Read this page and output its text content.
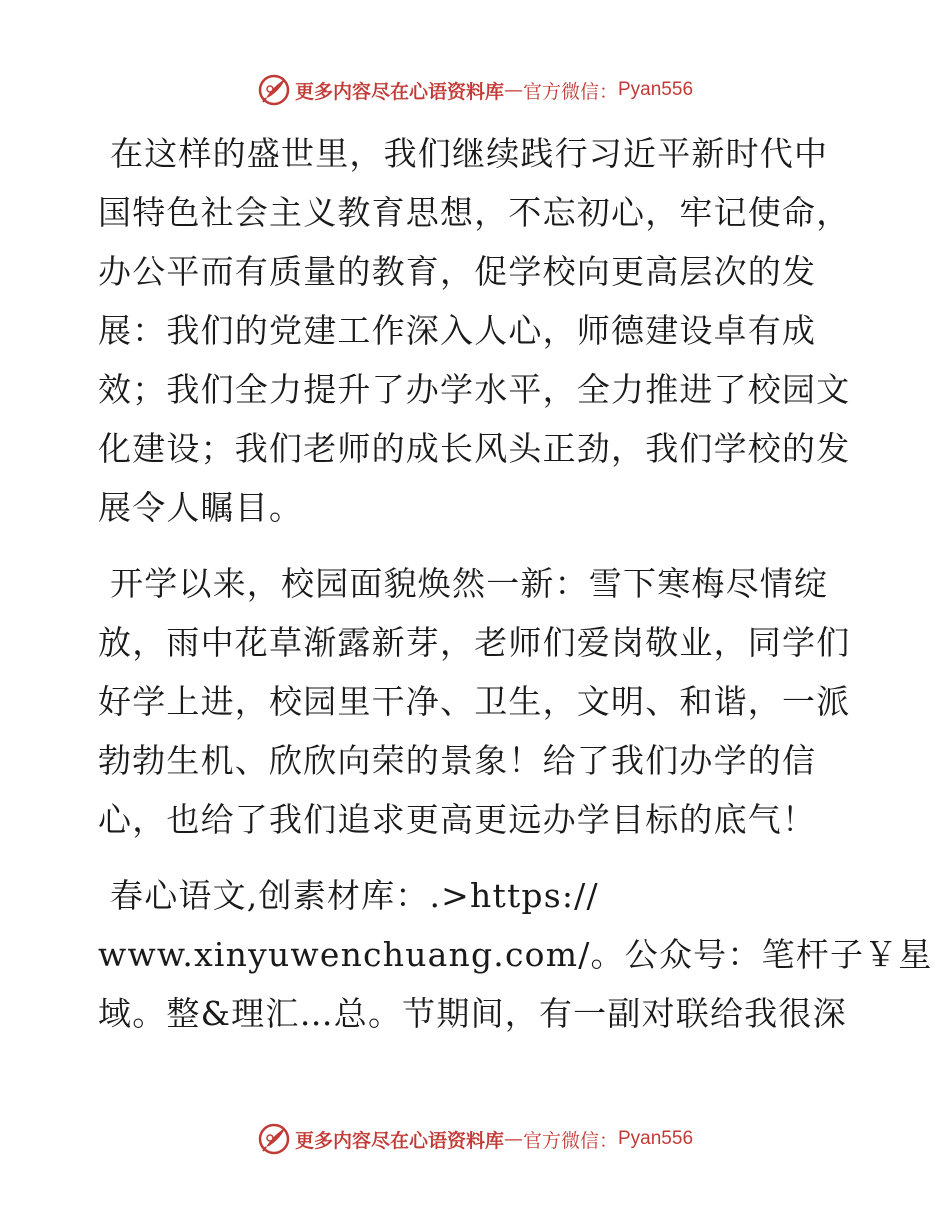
更多内容尽在心语资料库 — 官方微信： Pyan556

在这样的盛世里，我们继续践行习近平新时代中
国特色社会主义教育思想，不忘初心，牢记使命，
办公平而有质量的教育，促学校向更高层次的发
展：我们的党建工作深入人心，师德建设卓有成
效；我们全力提升了办学水平，全力推进了校园文
化建设；我们老师的成长风头正劲，我们学校的发
展令人瞩目。

开学以来，校园面貌焕然一新：雪下寒梅尽情绽
放，雨中花草渐露新芽，老师们爱岗敬业，同学们
好学上进，校园里干净、卫生，文明、和谐，一派
勃勃生机、欣欣向荣的景象！给了我们办学的信
心，也给了我们追求更高更远办学目标的底气！

春心语文,创素材库：.>https://
www.xinyuwenchuang.com/。公众号：笔杆子￥星
域。整&理汇…总。节期间，有一副对联给我很深

更多内容尽在心语资料库 — 官方微信： Pyan556
